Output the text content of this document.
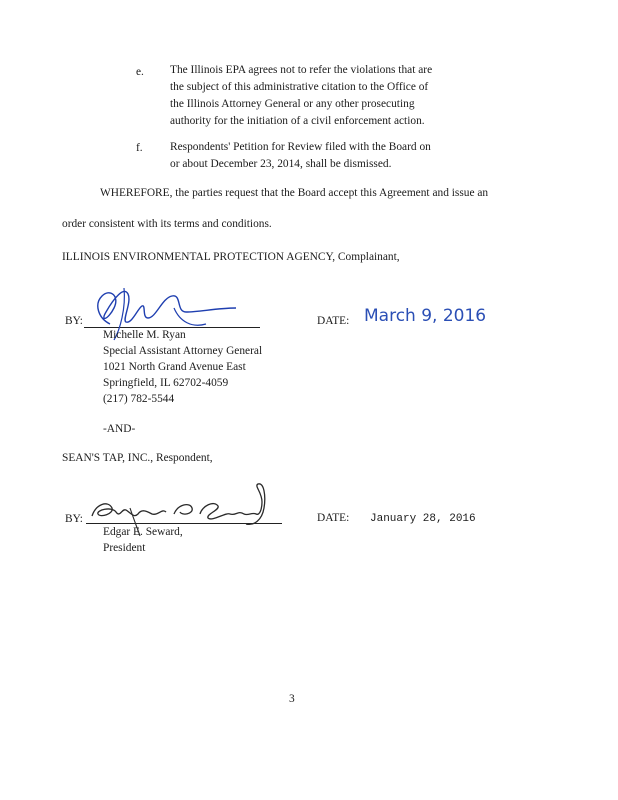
e. The Illinois EPA agrees not to refer the violations that are
the subject of this administrative citation to the Office of
the Illinois Attorney General or any other prosecuting
authority for the initiation of a civil enforcement action.
f. Respondents' Petition for Review filed with the Board on
or about December 23, 2014, shall be dismissed.
WHEREFORE, the parties request that the Board accept this Agreement and issue an
order consistent with its terms and conditions.
ILLINOIS ENVIRONMENTAL PROTECTION AGENCY, Complainant,
BY:
Michelle M. Ryan
Special Assistant Attorney General
1021 North Grand Avenue East
Springfield, IL 62702-4059
(217) 782-5544
DATE: March 9, 2016
-AND-
SEAN'S TAP, INC., Respondent,
BY:
Edgar E. Seward,
President
DATE: January 28, 2016
3
